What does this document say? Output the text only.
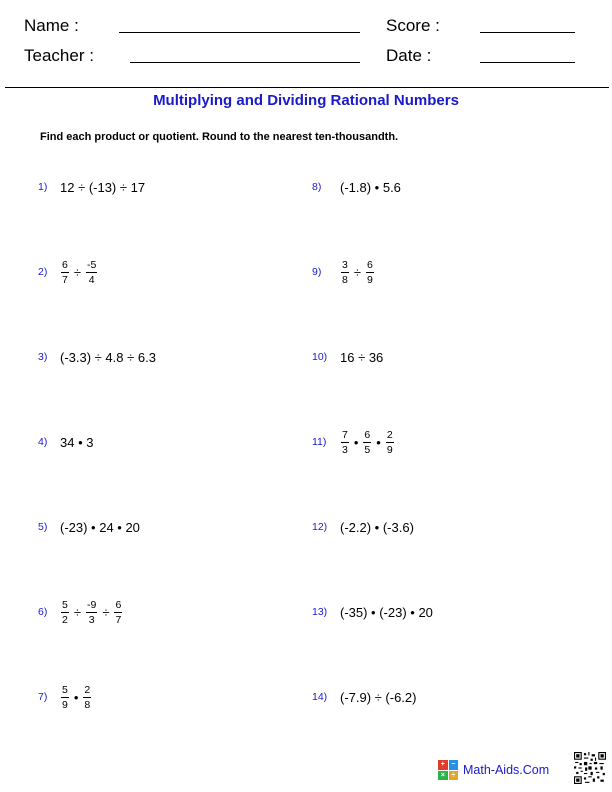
Name :
Teacher :
Score :
Date :
Multiplying and Dividing Rational Numbers
Find each product or quotient. Round to the nearest ten-thousandth.
1) 12 ÷ (-13) ÷ 17
2)	$\frac{6}{7} \div \frac{-5}{4}$
3) (-3.3) ÷ 4.8 ÷ 6.3
4) 34 • 3
5) (-23) • 24 • 20
6)	$\frac{5}{2} \div \frac{-9}{3} \div \frac{6}{7}$
7)	$\frac{5}{9}$ • $\frac{2}{8}$
8)	(-1.8) • 5.6
9)	$\frac{3}{8} \div \frac{6}{9}$
10) 16 ÷ 36
11)	$\frac{7}{3}$ • $\frac{6}{5}$ • $\frac{2}{9}$
12) (-2.2) • (-3.6)
13) (-35) • (-23) • 20
14) (-7.9) ÷ (-6.2)
+ −
× ÷ Math-Aids.Com
